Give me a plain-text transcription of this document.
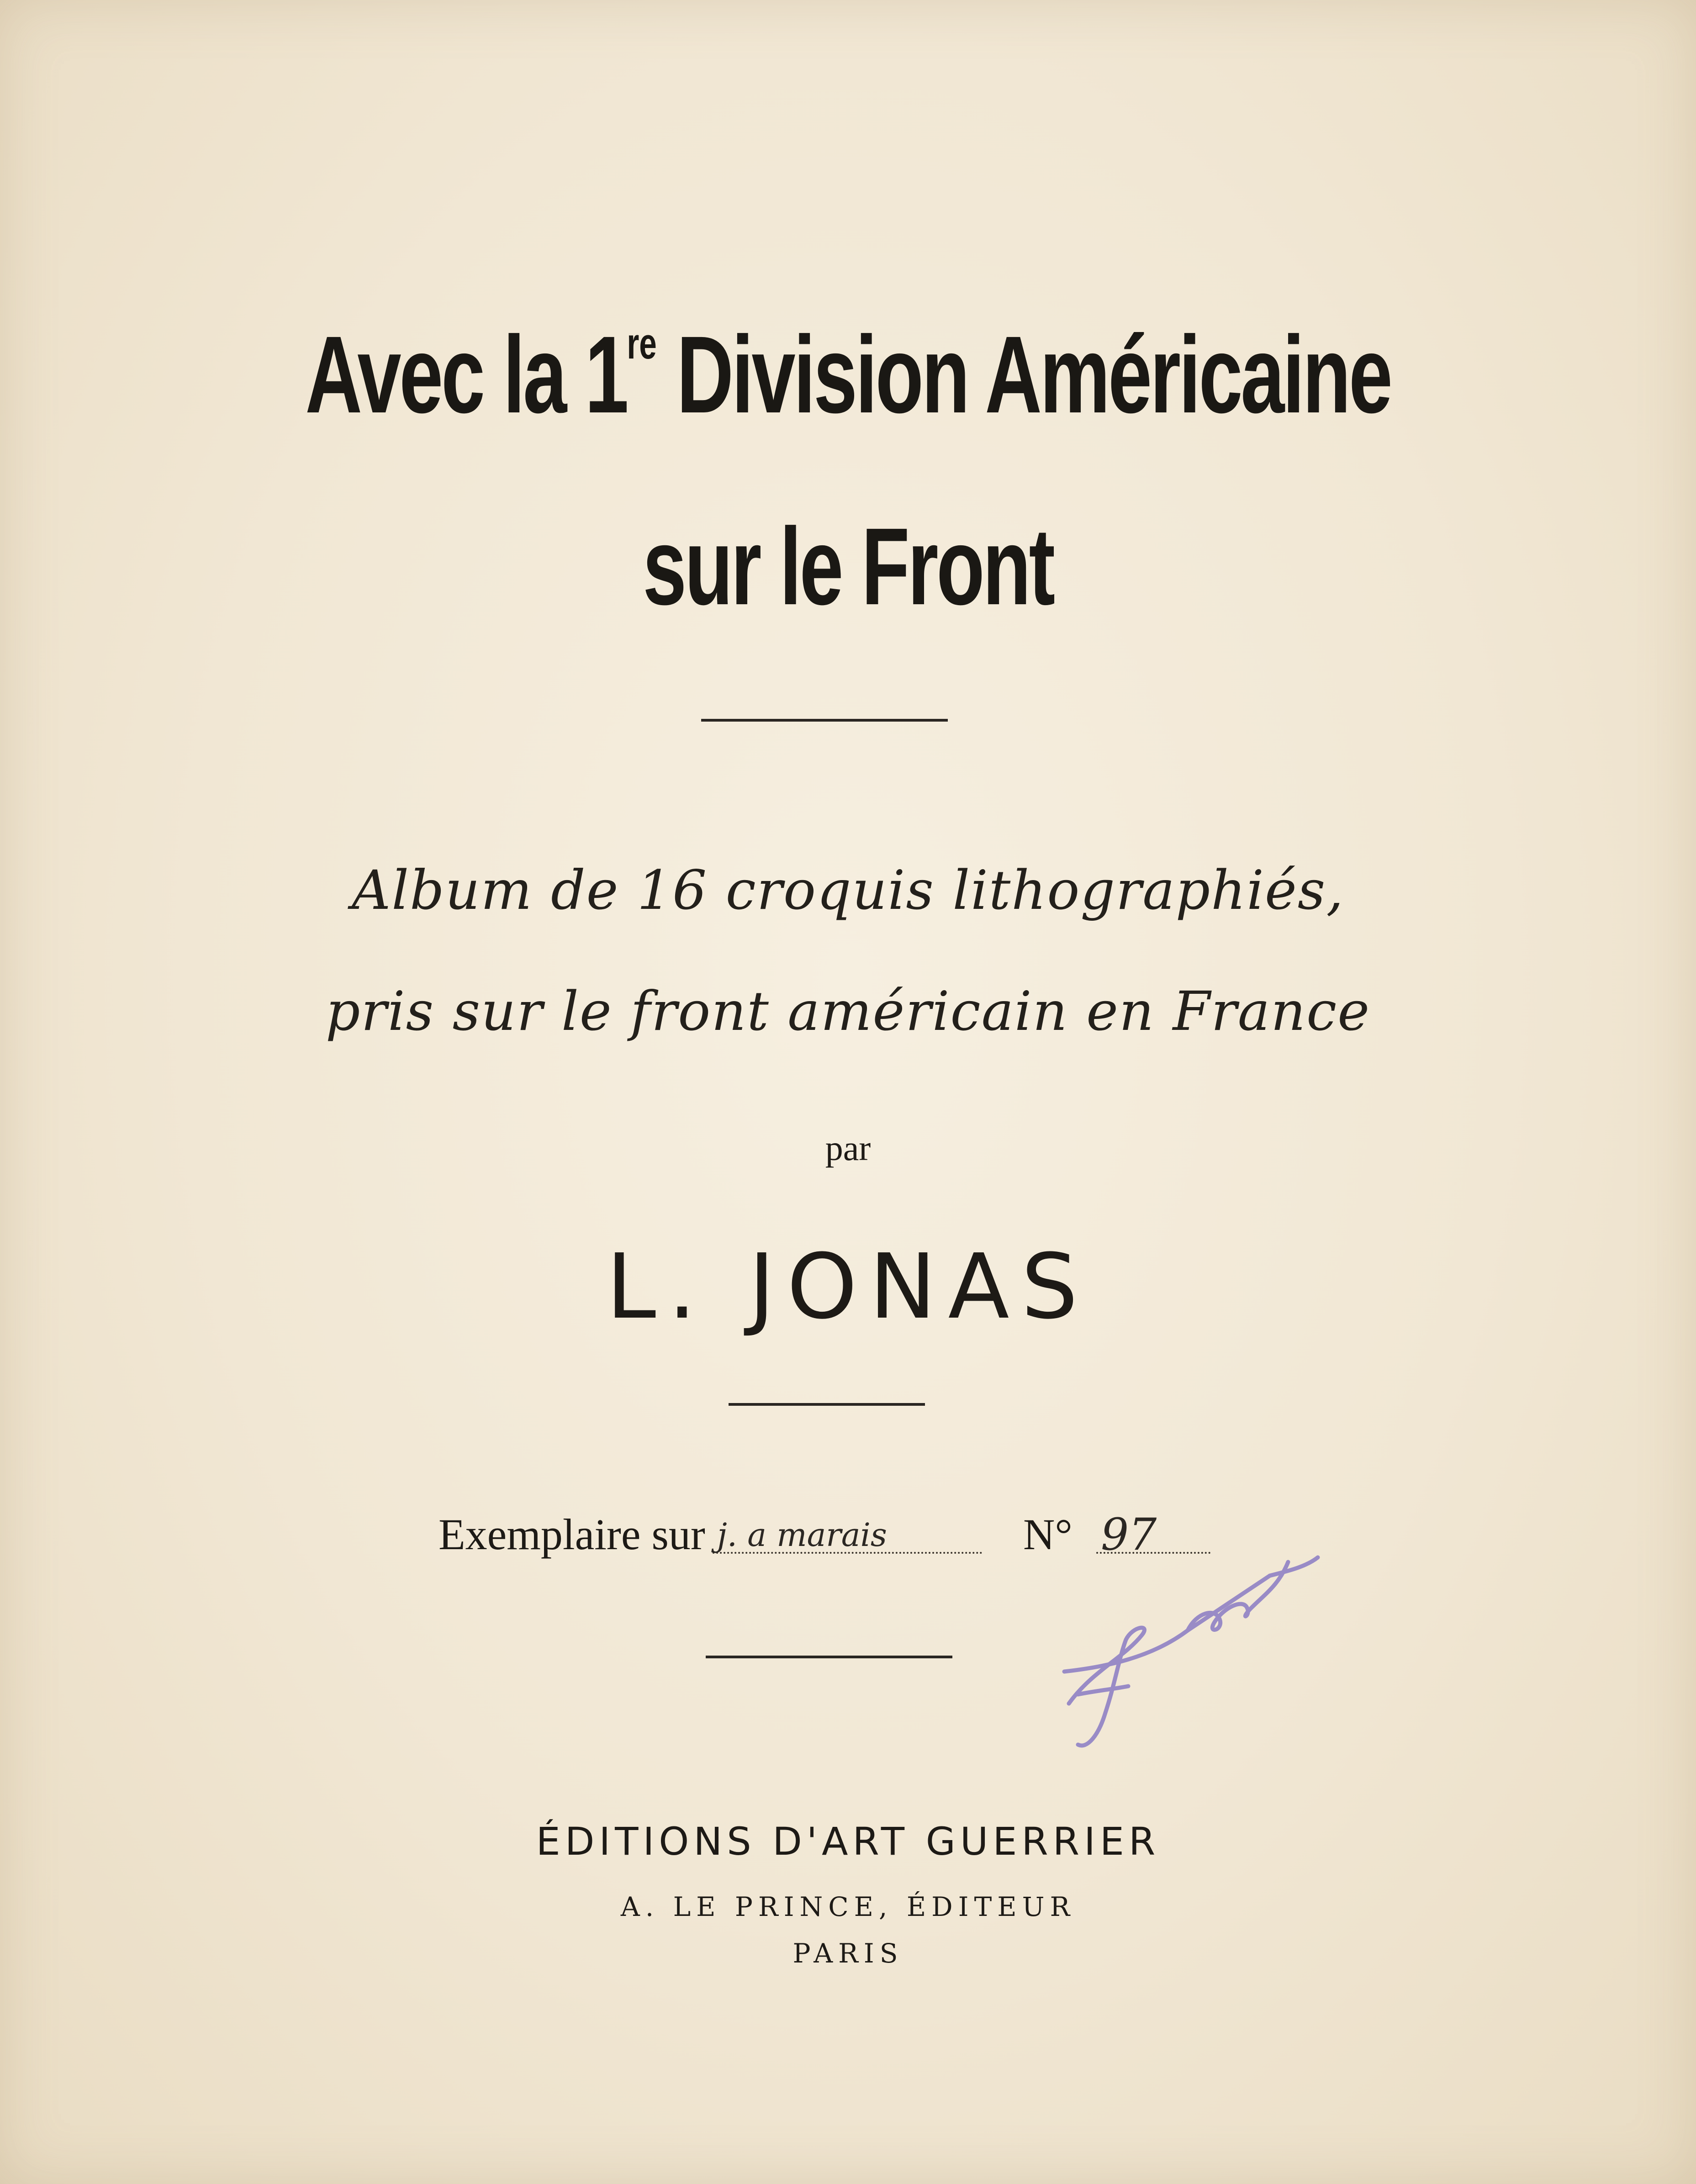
Avec la 1re Division Américaine
sur le Front
Album de 16 croquis lithographiés,
pris sur le front américain en France
par
L. JONAS
Exemplaire sur j. a marais	N° 97
ÉDITIONS D'ART GUERRIER
A. LE PRINCE, ÉDITEUR
PARIS
